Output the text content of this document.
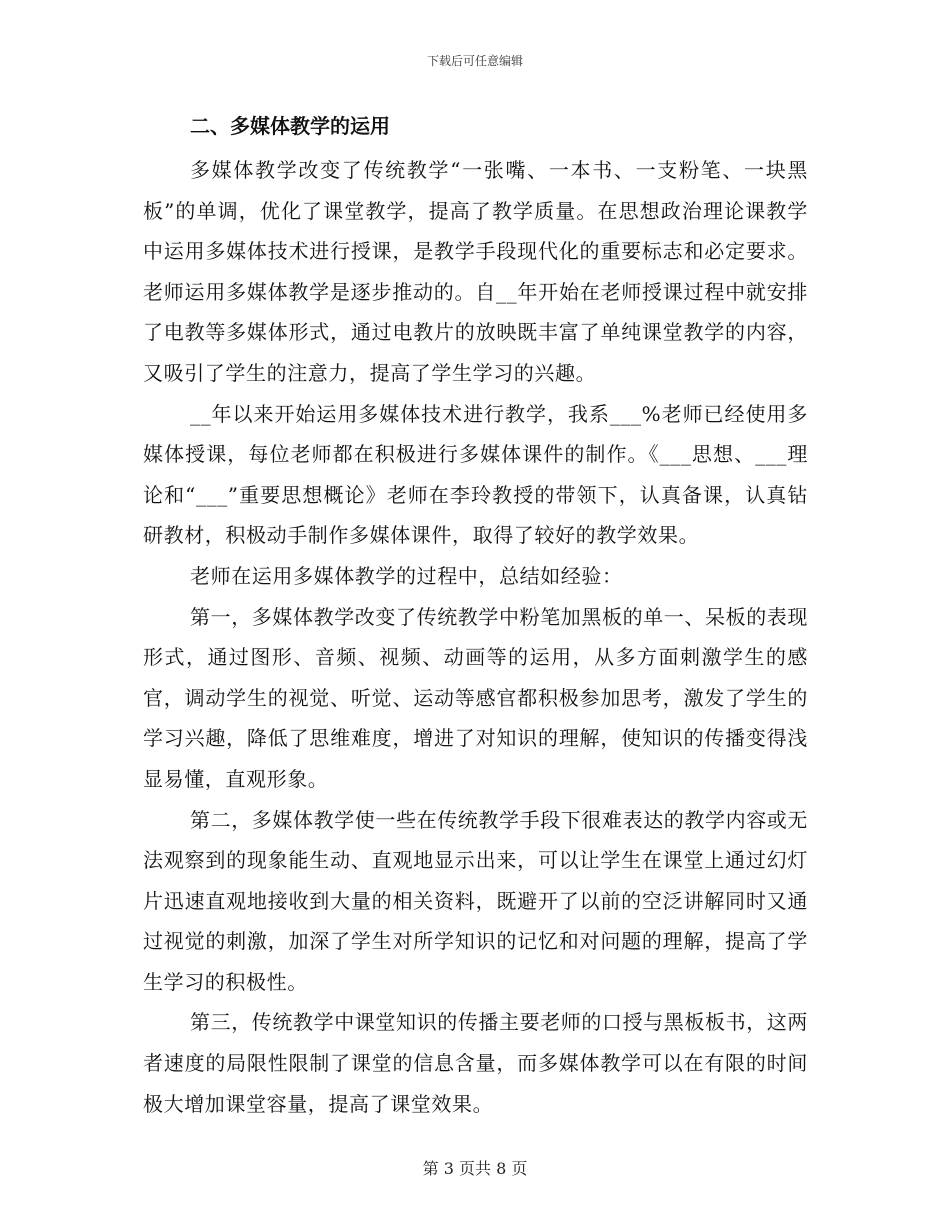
下载后可任意编辑
二、多媒体教学的运用

多媒体教学改变了传统教学“一张嘴、一本书、一支粉笔、一块黑板”的单调，优化了课堂教学，提高了教学质量。在思想政治理论课教学中运用多媒体技术进行授课，是教学手段现代化的重要标志和必定要求。老师运用多媒体教学是逐步推动的。自__年开始在老师授课过程中就安排了电教等多媒体形式，通过电教片的放映既丰富了单纯课堂教学的内容，又吸引了学生的注意力，提高了学生学习的兴趣。

__年以来开始运用多媒体技术进行教学，我系___%老师已经使用多媒体授课，每位老师都在积极进行多媒体课件的制作。《___思想、___理论和“___”重要思想概论》老师在李玲教授的带领下，认真备课，认真钻研教材，积极动手制作多媒体课件，取得了较好的教学效果。

老师在运用多媒体教学的过程中，总结如经验：

第一，多媒体教学改变了传统教学中粉笔加黑板的单一、呆板的表现形式，通过图形、音频、视频、动画等的运用，从多方面刺激学生的感官，调动学生的视觉、听觉、运动等感官都积极参加思考，激发了学生的学习兴趣，降低了思维难度，增进了对知识的理解，使知识的传播变得浅显易懂，直观形象。

第二，多媒体教学使一些在传统教学手段下很难表达的教学内容或无法观察到的现象能生动、直观地显示出来，可以让学生在课堂上通过幻灯片迅速直观地接收到大量的相关资料，既避开了以前的空泛讲解同时又通过视觉的刺激，加深了学生对所学知识的记忆和对问题的理解，提高了学生学习的积极性。

第三，传统教学中课堂知识的传播主要老师的口授与黑板板书，这两者速度的局限性限制了课堂的信息含量，而多媒体教学可以在有限的时间极大增加课堂容量，提高了课堂效果。

第 3 页共 8 页
